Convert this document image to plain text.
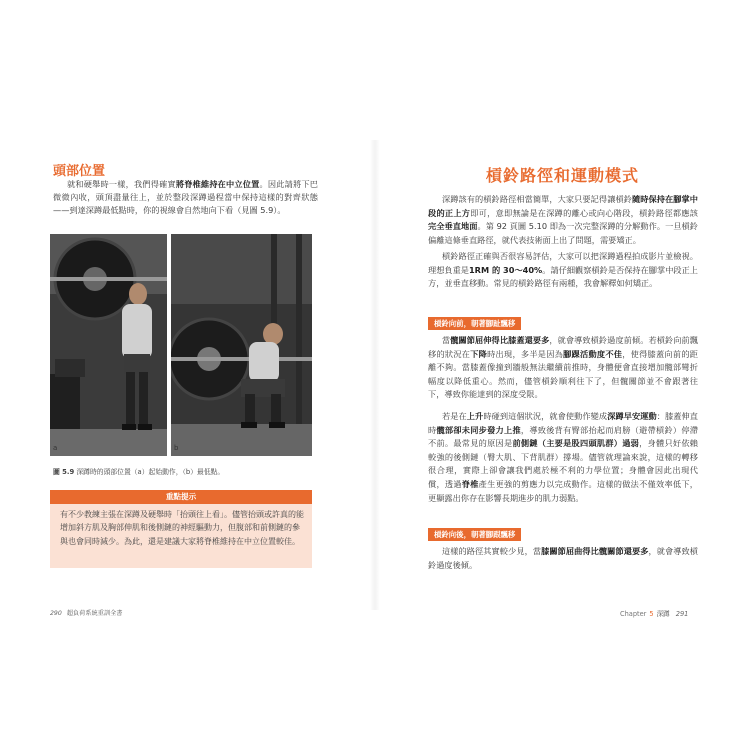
頭部位置

就和硬舉時一樣，我們得確實將脊椎維持在中立位置。因此請將下巴微微內收，頭頂盡量往上，並於整段深蹲過程當中保持這樣的對齊狀態——到達深蹲最低點時，你的視線會自然地向下看（見圖 5.9）。

a	b
圖 5.9 深蹲時的頭部位置（a）起始動作，（b）最低點。
重點提示

有不少教練主張在深蹲及硬舉時「抬頭往上看」。儘管抬頭或許真的能增加斜方肌及胸部伸肌和後側鏈的神經驅動力，但腹部和前側鏈的參與也會同時減少。為此，還是建議大家將脊椎維持在中立位置較佳。

290 超負荷系統重訓全書
槓鈴路徑和運動模式

深蹲該有的槓鈴路徑相當簡單，大家只要記得讓槓鈴隨時保持在腳掌中段的正上方即可，意即無論是在深蹲的離心或向心階段，槓鈴路徑都應該完全垂直地面。第 92 頁圖 5.10 即為一次完整深蹲的分解動作。一旦槓鈴偏離這條垂直路徑，就代表技術面上出了問題，需要矯正。

槓鈴路徑正確與否很容易評估，大家可以把深蹲過程拍成影片並檢視。理想負重是1RM 的 30～40%。請仔細觀察槓鈴是否保持在腳掌中段正上方，並垂直移動。常見的槓鈴路徑有兩種，我會解釋如何矯正。

槓鈴向前，朝著腳趾飄移

當髖關節屈伸得比膝蓋還要多，就會導致槓鈴過度前傾。若槓鈴向前飄移的狀況在下降時出現，多半是因為腳踝活動度不佳，使得膝蓋向前的距離不夠。當膝蓋像撞到牆般無法繼續前推時，身體便會直接增加髖部彎折幅度以降低重心。然而，儘管槓鈴順利往下了，但髖關節並不會跟著往下，導致你能達到的深度受限。

若是在上升時碰到這個狀況，就會使動作變成深蹲早安運動：膝蓋伸直時髖部卻未同步發力上推，導致後背有臀部抬起而肩膀（避帶槓鈴）停滯不前。最常見的原因是前側鏈（主要是股四頭肌群）過弱，身體只好依賴較強的後側鏈（臀大肌、下背肌群）撐場。儘管就理論來說，這樣的轉移很合理，實際上卻會讓我們處於極不利的力學位置；身體會因此出現代償，透過脊椎產生更強的剪應力以完成動作。這樣的做法不僅效率低下，更顯露出你存在影響長期進步的肌力弱點。

槓鈴向後，朝著腳跟飄移

這樣的路徑其實較少見，當膝關節屈曲得比髖關節還要多，就會導致槓鈴過度後傾。

Chapter 5 深蹲 291
